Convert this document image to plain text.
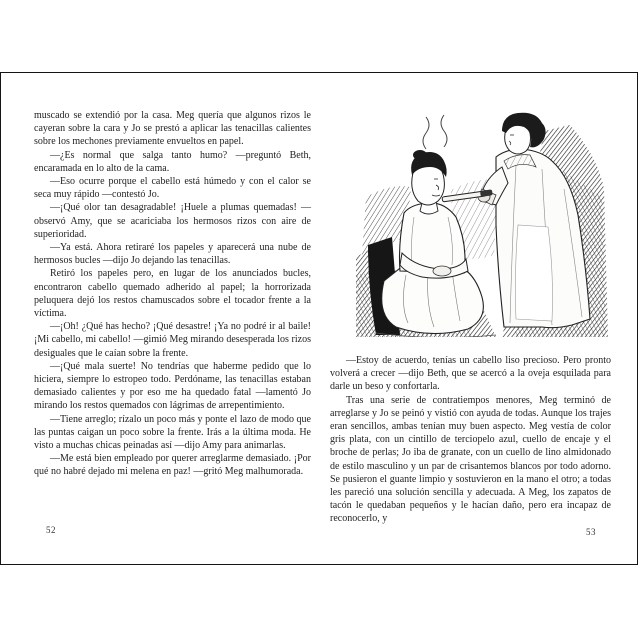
muscado se extendió por la casa. Meg quería que algunos rizos le cayeran sobre la cara y Jo se prestó a aplicar las tenacillas calientes sobre los mechones previamente envueltos en papel.

—¿Es normal que salga tanto humo? —preguntó Beth, encaramada en lo alto de la cama.

—Eso ocurre porque el cabello está húmedo y con el calor se seca muy rápido —contestó Jo.

—¡Qué olor tan desagradable! ¡Huele a plumas quemadas! —observó Amy, que se acariciaba los hermosos rizos con aire de superioridad.

—Ya está. Ahora retiraré los papeles y aparecerá una nube de hermosos bucles —dijo Jo dejando las tenacillas.

Retiró los papeles pero, en lugar de los anunciados bucles, encontraron cabello quemado adherido al papel; la horrorizada peluquera dejó los restos chamuscados sobre el tocador frente a la víctima.

—¡Oh! ¿Qué has hecho? ¡Qué desastre! ¡Ya no podré ir al baile! ¡Mi cabello, mi cabello! —gimió Meg mirando desesperada los rizos desiguales que le caían sobre la frente.

—¡Qué mala suerte! No tendrías que haberme pedido que lo hiciera, siempre lo estropeo todo. Perdóname, las tenacillas estaban demasiado calientes y por eso me ha quedado fatal —lamentó Jo mirando los restos quemados con lágrimas de arrepentimiento.

—Tiene arreglo; rízalo un poco más y ponte el lazo de modo que las puntas caigan un poco sobre la frente. Irás a la última moda. He visto a muchas chicas peinadas así —dijo Amy para animarlas.

—Me está bien empleado por querer arreglarme demasiado. ¡Por qué no habré dejado mi melena en paz! —gritó Meg malhumorada.

52

—Estoy de acuerdo, tenías un cabello liso precioso. Pero pronto volverá a crecer —dijo Beth, que se acercó a la oveja esquilada para darle un beso y confortarla.

Tras una serie de contratiempos menores, Meg terminó de arreglarse y Jo se peinó y vistió con ayuda de todas. Aunque los trajes eran sencillos, ambas tenían muy buen aspecto. Meg vestía de color gris plata, con un cintillo de terciopelo azul, cuello de encaje y el broche de perlas; Jo iba de granate, con un cuello de lino almidonado de estilo masculino y un par de crisantemos blancos por todo adorno. Se pusieron el guante limpio y sostuvieron en la mano el otro; a todas les pareció una solución sencilla y adecuada. A Meg, los zapatos de tacón le quedaban pequeños y le hacían daño, pero era incapaz de reconocerlo, y

53
